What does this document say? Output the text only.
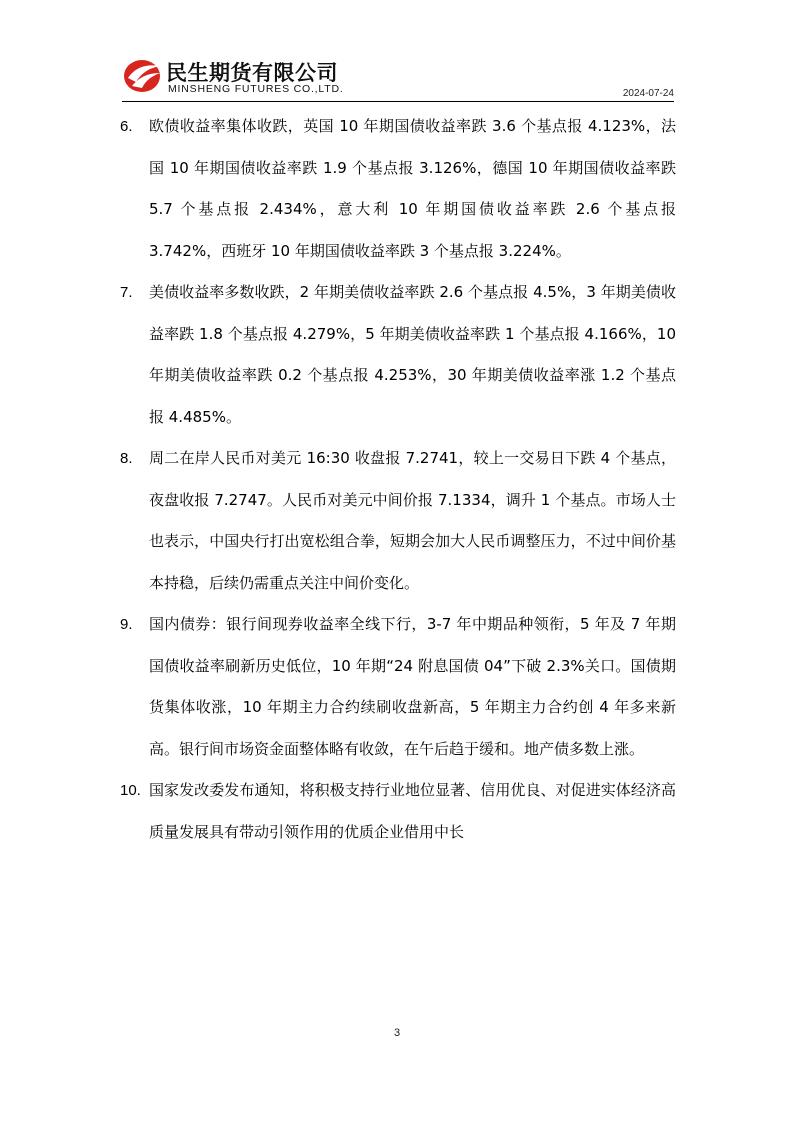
民生期货有限公司
MINSHENG FUTURES CO.,LTD.	2024-07-24
6. 欧债收益率集体收跌，英国 10 年期国债收益率跌 3.6 个基点报 4.123%，法国 10 年期国债收益率跌 1.9 个基点报 3.126%，德国 10 年期国债收益率跌 5.7 个基点报 2.434%，意大利 10 年期国债收益率跌 2.6 个基点报 3.742%，西班牙 10 年期国债收益率跌 3 个基点报 3.224%。
7. 美债收益率多数收跌，2 年期美债收益率跌 2.6 个基点报 4.5%，3 年期美债收益率跌 1.8 个基点报 4.279%，5 年期美债收益率跌 1 个基点报 4.166%，10 年期美债收益率跌 0.2 个基点报 4.253%，30 年期美债收益率涨 1.2 个基点报 4.485%。
8. 周二在岸人民币对美元 16:30 收盘报 7.2741，较上一交易日下跌 4 个基点，夜盘收报 7.2747。人民币对美元中间价报 7.1334，调升 1 个基点。市场人士也表示，中国央行打出宽松组合拳，短期会加大人民币调整压力，不过中间价基本持稳，后续仍需重点关注中间价变化。
9. 国内债券：银行间现券收益率全线下行，3-7 年中期品种领衔，5 年及 7 年期国债收益率刷新历史低位，10 年期“24 附息国债 04”下破 2.3%关口。国债期货集体收涨，10 年期主力合约续刷收盘新高，5 年期主力合约创 4 年多来新高。银行间市场资金面整体略有收敛，在午后趋于缓和。地产债多数上涨。
10. 国家发改委发布通知，将积极支持行业地位显著、信用优良、对促进实体经济高质量发展具有带动引领作用的优质企业借用中长
3
